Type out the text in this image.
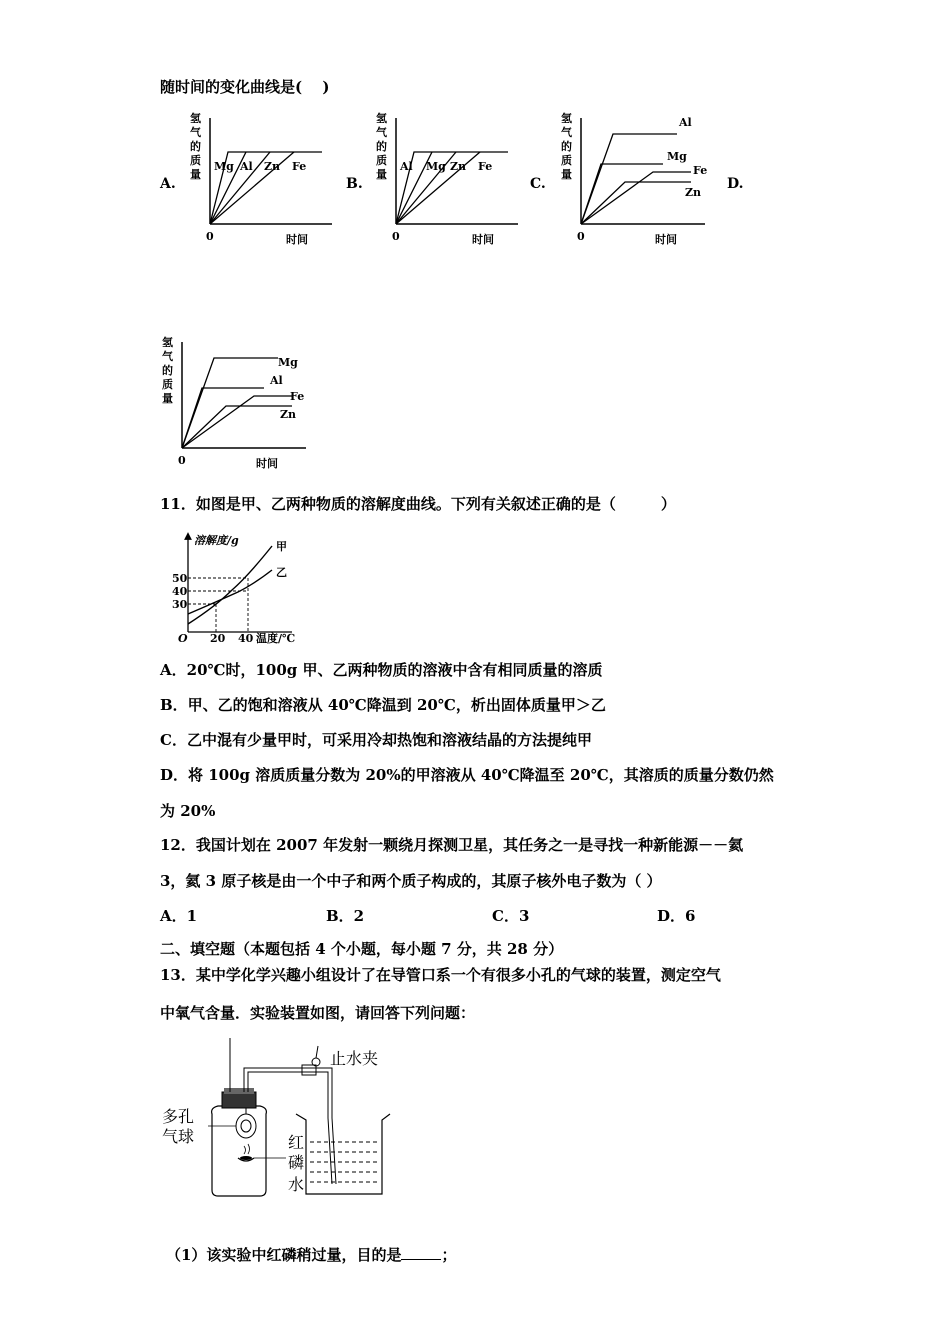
随时间的变化曲线是(　 )
A.
氢
气
的
质
量
Mg Al Zn Fe
0	时间
B.
氢
气
的
质
量
Al Mg Zn Fe
0	时间
C.
氢
气
的
质
量
Al
Mg
Fe
Zn
0	时间
D.
氢
气
的
质
量
Mg
Al
Fe
Zn
0	时间
11．如图是甲、乙两种物质的溶解度曲线。下列有关叙述正确的是（　　　）
溶解度/g
温度/℃
O
50
40
30
20 40
甲
乙
A．20℃时，100g 甲、乙两种物质的溶液中含有相同质量的溶质
B．甲、乙的饱和溶液从 40℃降温到 20℃，析出固体质量甲＞乙
C．乙中混有少量甲时，可采用冷却热饱和溶液结晶的方法提纯甲
D．将 100g 溶质质量分数为 20%的甲溶液从 40℃降温至 20℃，其溶质的质量分数仍然
为 20%
12．我国计划在 2007 年发射一颗绕月探测卫星，其任务之一是寻找一种新能源－－氦
3，氦 3 原子核是由一个中子和两个质子构成的，其原子核外电子数为（ ）
A．1	B．2	C．3	D．6
二、填空题（本题包括 4 个小题，每小题 7 分，共 28 分）
13．某中学化学兴趣小组设计了在导管口系一个有很多小孔的气球的装置，测定空气
中氧气含量．实验装置如图，请回答下列问题：
止水夹
多孔
气球	红
磷
水
（1）该实验中红磷稍过量，目的是	；
